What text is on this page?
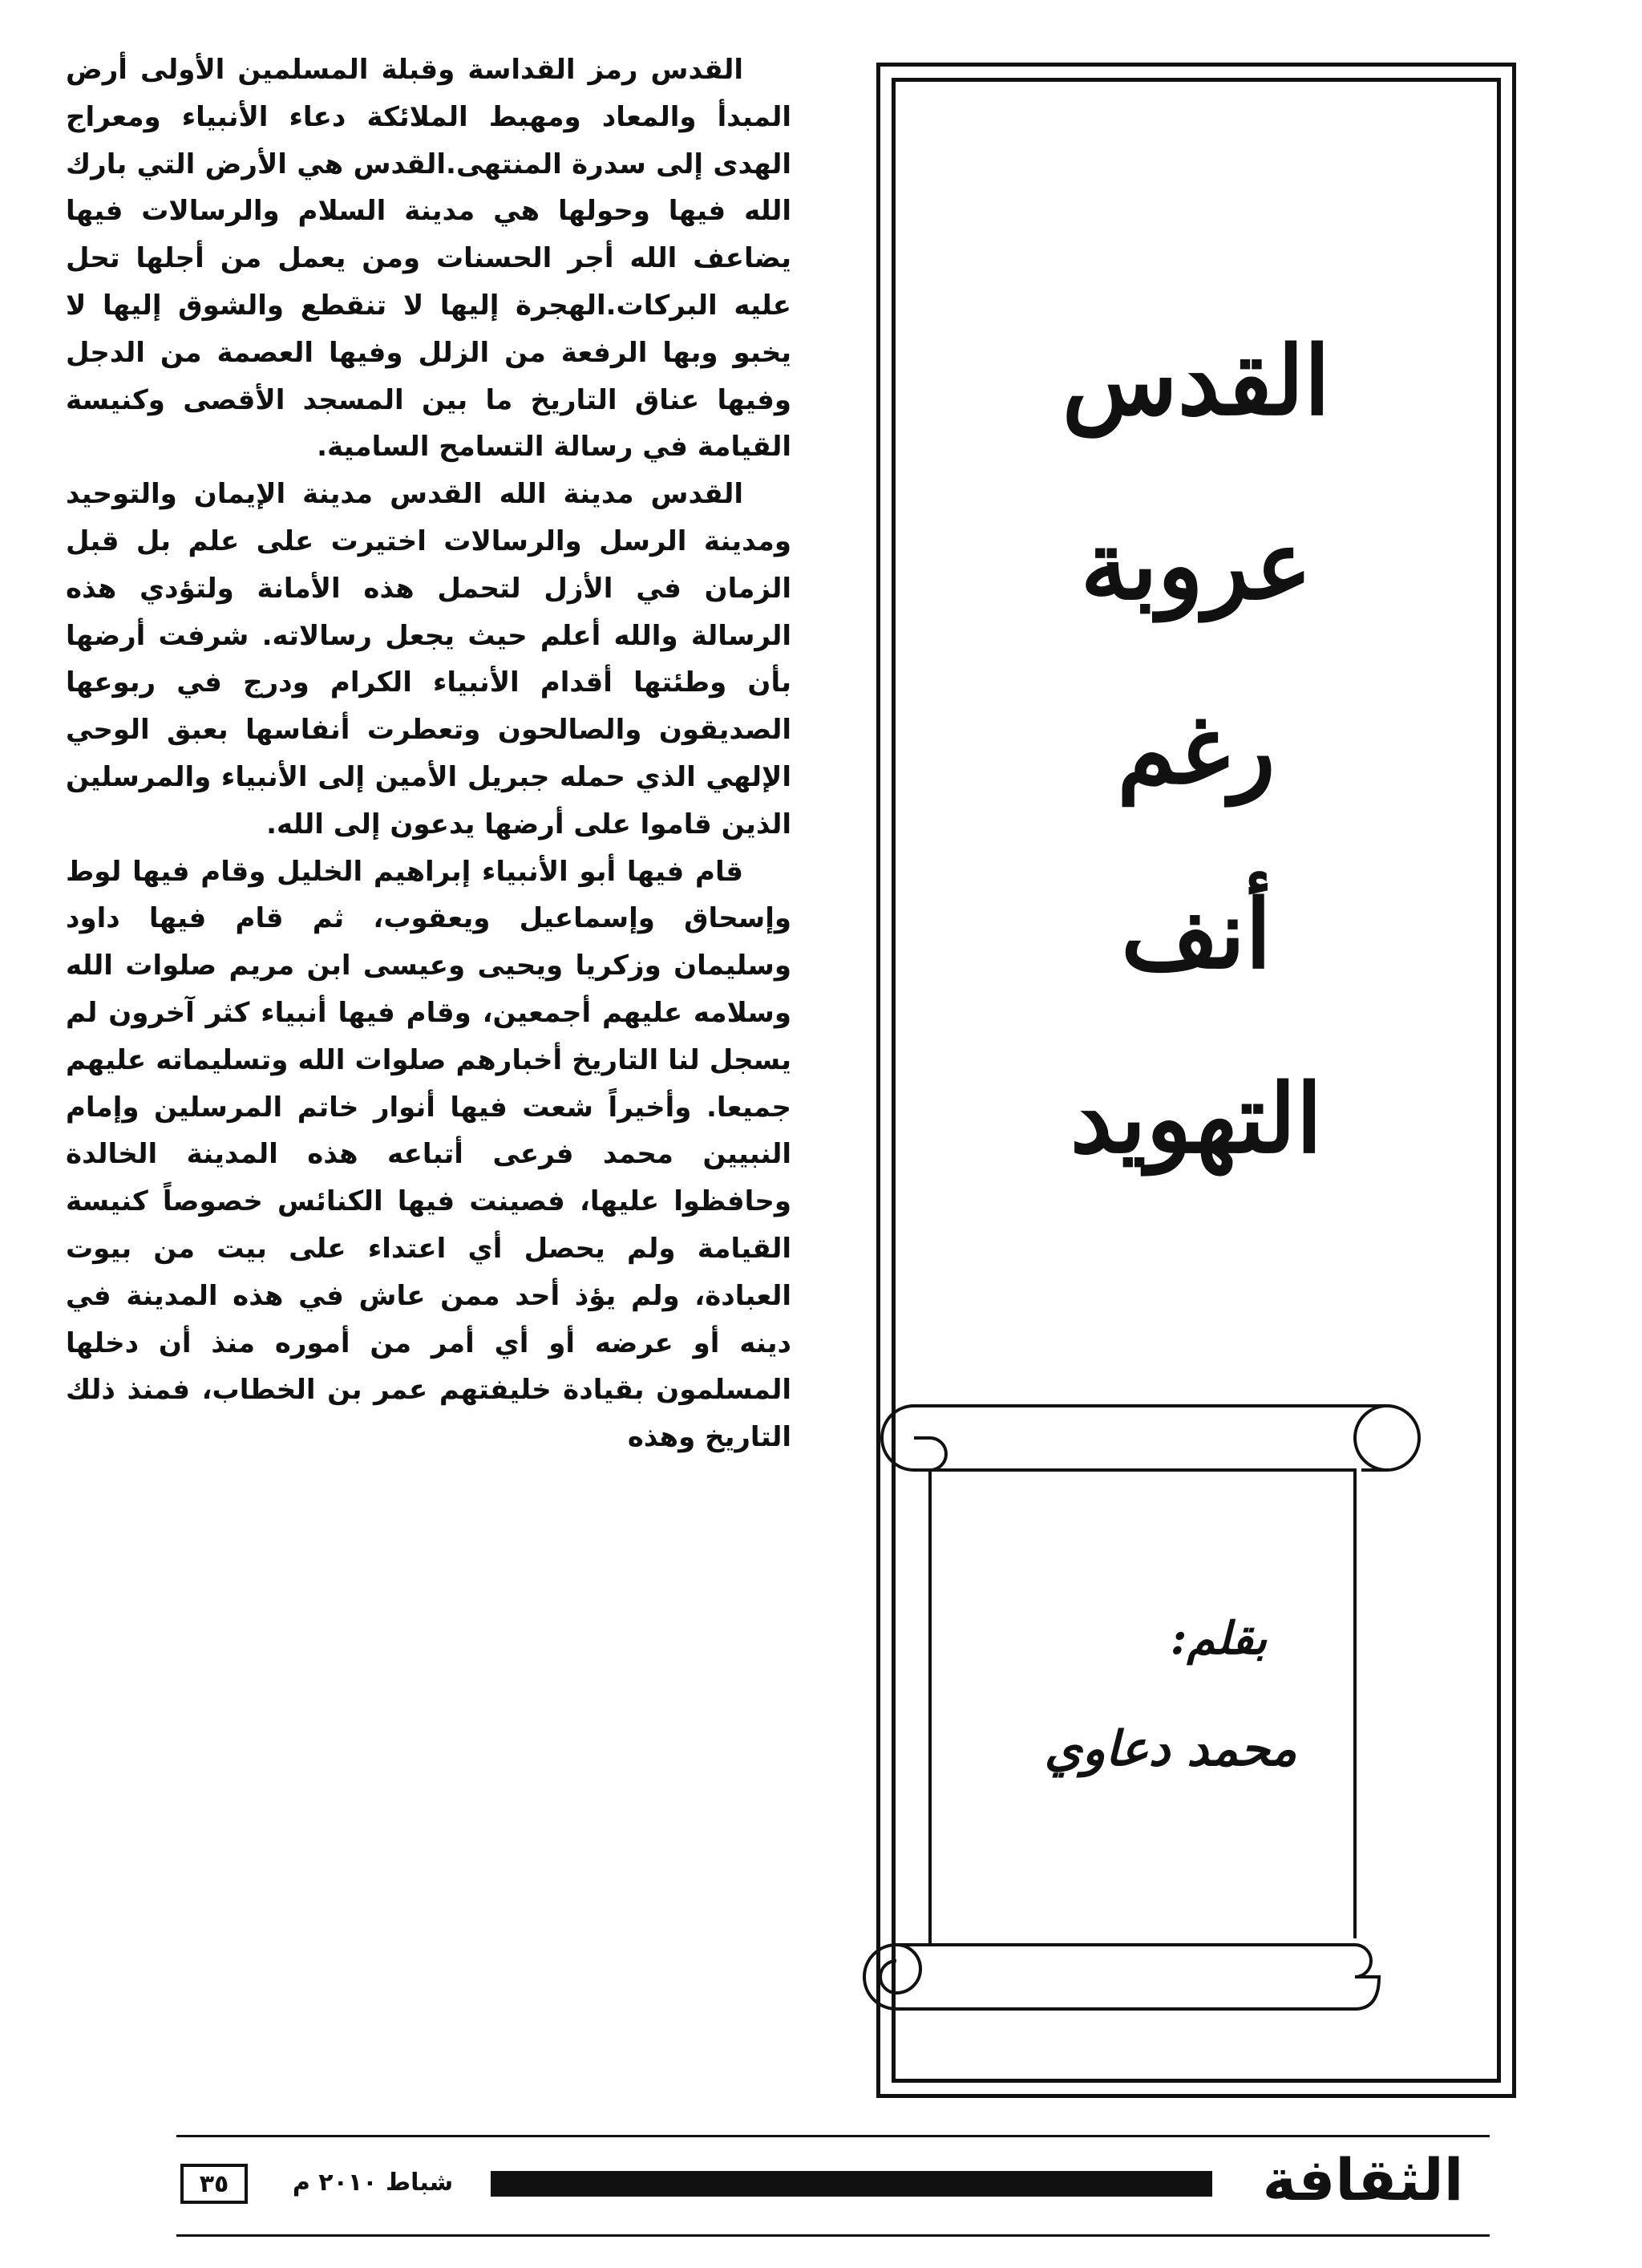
القدس رمز القداسة وقبلة المسلمين الأولى أرض المبدأ والمعاد ومهبط الملائكة دعاء الأنبياء ومعراج الهدى إلى سدرة المنتهى.القدس هي الأرض التي بارك الله فيها وحولها هي مدينة السلام والرسالات فيها يضاعف الله أجر الحسنات ومن يعمل من أجلها تحل عليه البركات.الهجرة إليها لا تنقطع والشوق إليها لا يخبو وبها الرفعة من الزلل وفيها العصمة من الدجل وفيها عناق التاريخ ما بين المسجد الأقصى وكنيسة القيامة في رسالة التسامح السامية.

القدس مدينة الله القدس مدينة الإيمان والتوحيد ومدينة الرسل والرسالات اختيرت على علم بل قبل الزمان في الأزل لتحمل هذه الأمانة ولتؤدي هذه الرسالة والله أعلم حيث يجعل رسالاته. شرفت أرضها بأن وطئتها أقدام الأنبياء الكرام ودرج في ربوعها الصديقون والصالحون وتعطرت أنفاسها بعبق الوحي الإلهي الذي حمله جبريل الأمين إلى الأنبياء والمرسلين الذين قاموا على أرضها يدعون إلى الله.

قام فيها أبو الأنبياء إبراهيم الخليل وقام فيها لوط وإسحاق وإسماعيل ويعقوب، ثم قام فيها داود وسليمان وزكريا ويحيى وعيسى ابن مريم صلوات الله وسلامه عليهم أجمعين، وقام فيها أنبياء كثر آخرون لم يسجل لنا التاريخ أخبارهم صلوات الله وتسليماته عليهم جميعا. وأخيراً شعت فيها أنوار خاتم المرسلين وإمام النبيين محمد فرعى أتباعه هذه المدينة الخالدة وحافظوا عليها، فصينت فيها الكنائس خصوصاً كنيسة القيامة ولم يحصل أي اعتداء على بيت من بيوت العبادة، ولم يؤذ أحد ممن عاش في هذه المدينة في دينه أو عرضه أو أي أمر من أموره منذ أن دخلها المسلمون بقيادة خليفتهم عمر بن الخطاب، فمنذ ذلك التاريخ وهذه

القدس
عروبة
رغم
أنف
التهويد
بقلم:
محمد دعاوي
٣٥	شباط ٢٠١٠ م	الثقافة
